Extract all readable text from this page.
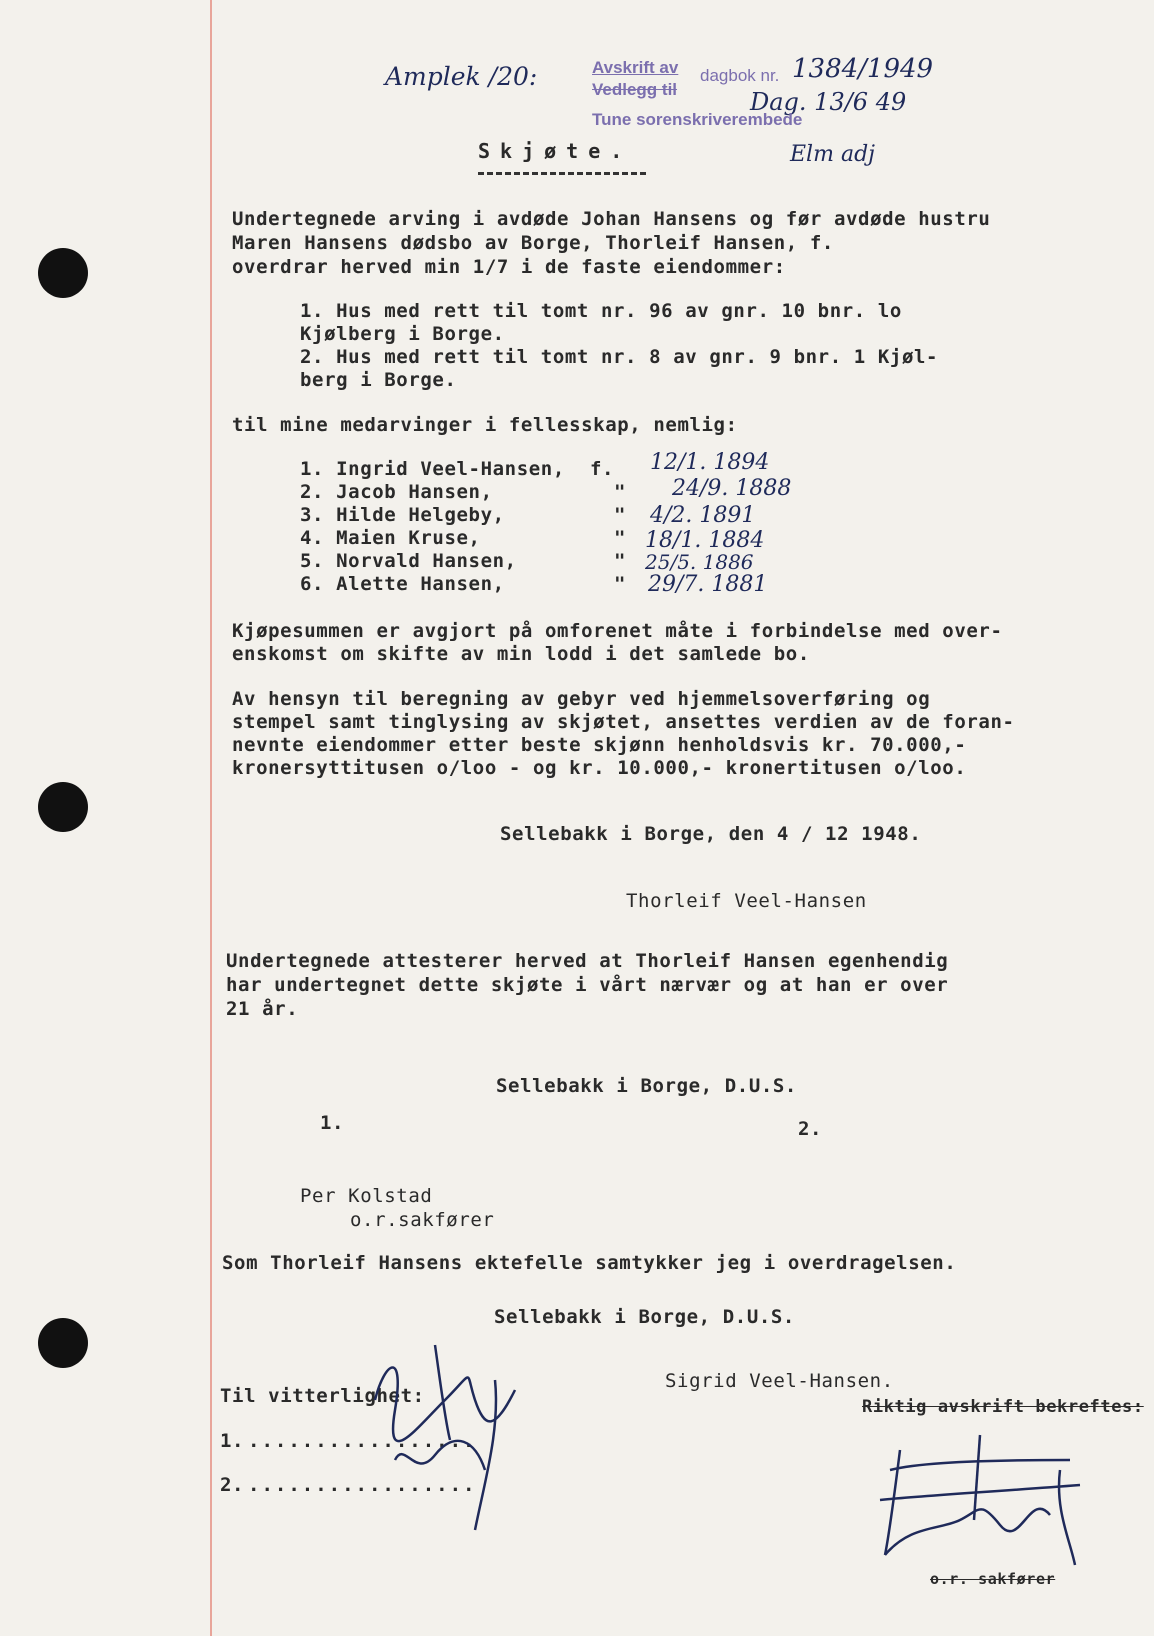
Amplek /20:	Avskrift av
Vedlegg til
dagbok nr. 1384/1949
Dag. 13/6 49
Tune sorenskriverembede
Elm adj
Skjøte.
Undertegnede arving i avdøde Johan Hansens og før avdøde hustru
Maren Hansens dødsbo av Borge, Thorleif Hansen, f.
overdrar herved min 1/7 i de faste eiendommer:
1. Hus med rett til tomt nr. 96 av gnr. 10 bnr. lo
Kjølberg i Borge.
2. Hus med rett til tomt nr. 8 av gnr. 9 bnr. 1 Kjøl-
berg i Borge.
til mine medarvinger i fellesskap, nemlig:
1. Ingrid Veel-Hansen, f. 12/1. 1894
2. Jacob Hansen,	" 24/9. 1888
3. Hilde Helgeby,	" 4/2. 1891
4. Maien Kruse,	" 18/1. 1884
5. Norvald Hansen,	" 25/5. 1886
6. Alette Hansen,	" 29/7. 1881
Kjøpesummen er avgjort på omforenet måte i forbindelse med over-
enskomst om skifte av min lodd i det samlede bo.
Av hensyn til beregning av gebyr ved hjemmelsoverføring og
stempel samt tinglysing av skjøtet, ansettes verdien av de foran-
nevnte eiendommer etter beste skjønn henholdsvis kr. 70.000,-
kronersyttitusen o/loo - og kr. 10.000,- kronertitusen o/loo.
Sellebakk i Borge, den 4 / 12 1948.
Thorleif Veel-Hansen
Undertegnede attesterer herved at Thorleif Hansen egenhendig
har undertegnet dette skjøte i vårt nærvær og at han er over
21 år.
Sellebakk i Borge, D.U.S.
1.	2.
Per Kolstad
o.r.sakfører
Som Thorleif Hansens ektefelle samtykker jeg i overdragelsen.
Sellebakk i Borge, D.U.S.
Sigrid Veel-Hansen.
Til vitterlighet:
1. .................
2. .................
Riktig avskrift bekreftes:
o.r. sakfører
